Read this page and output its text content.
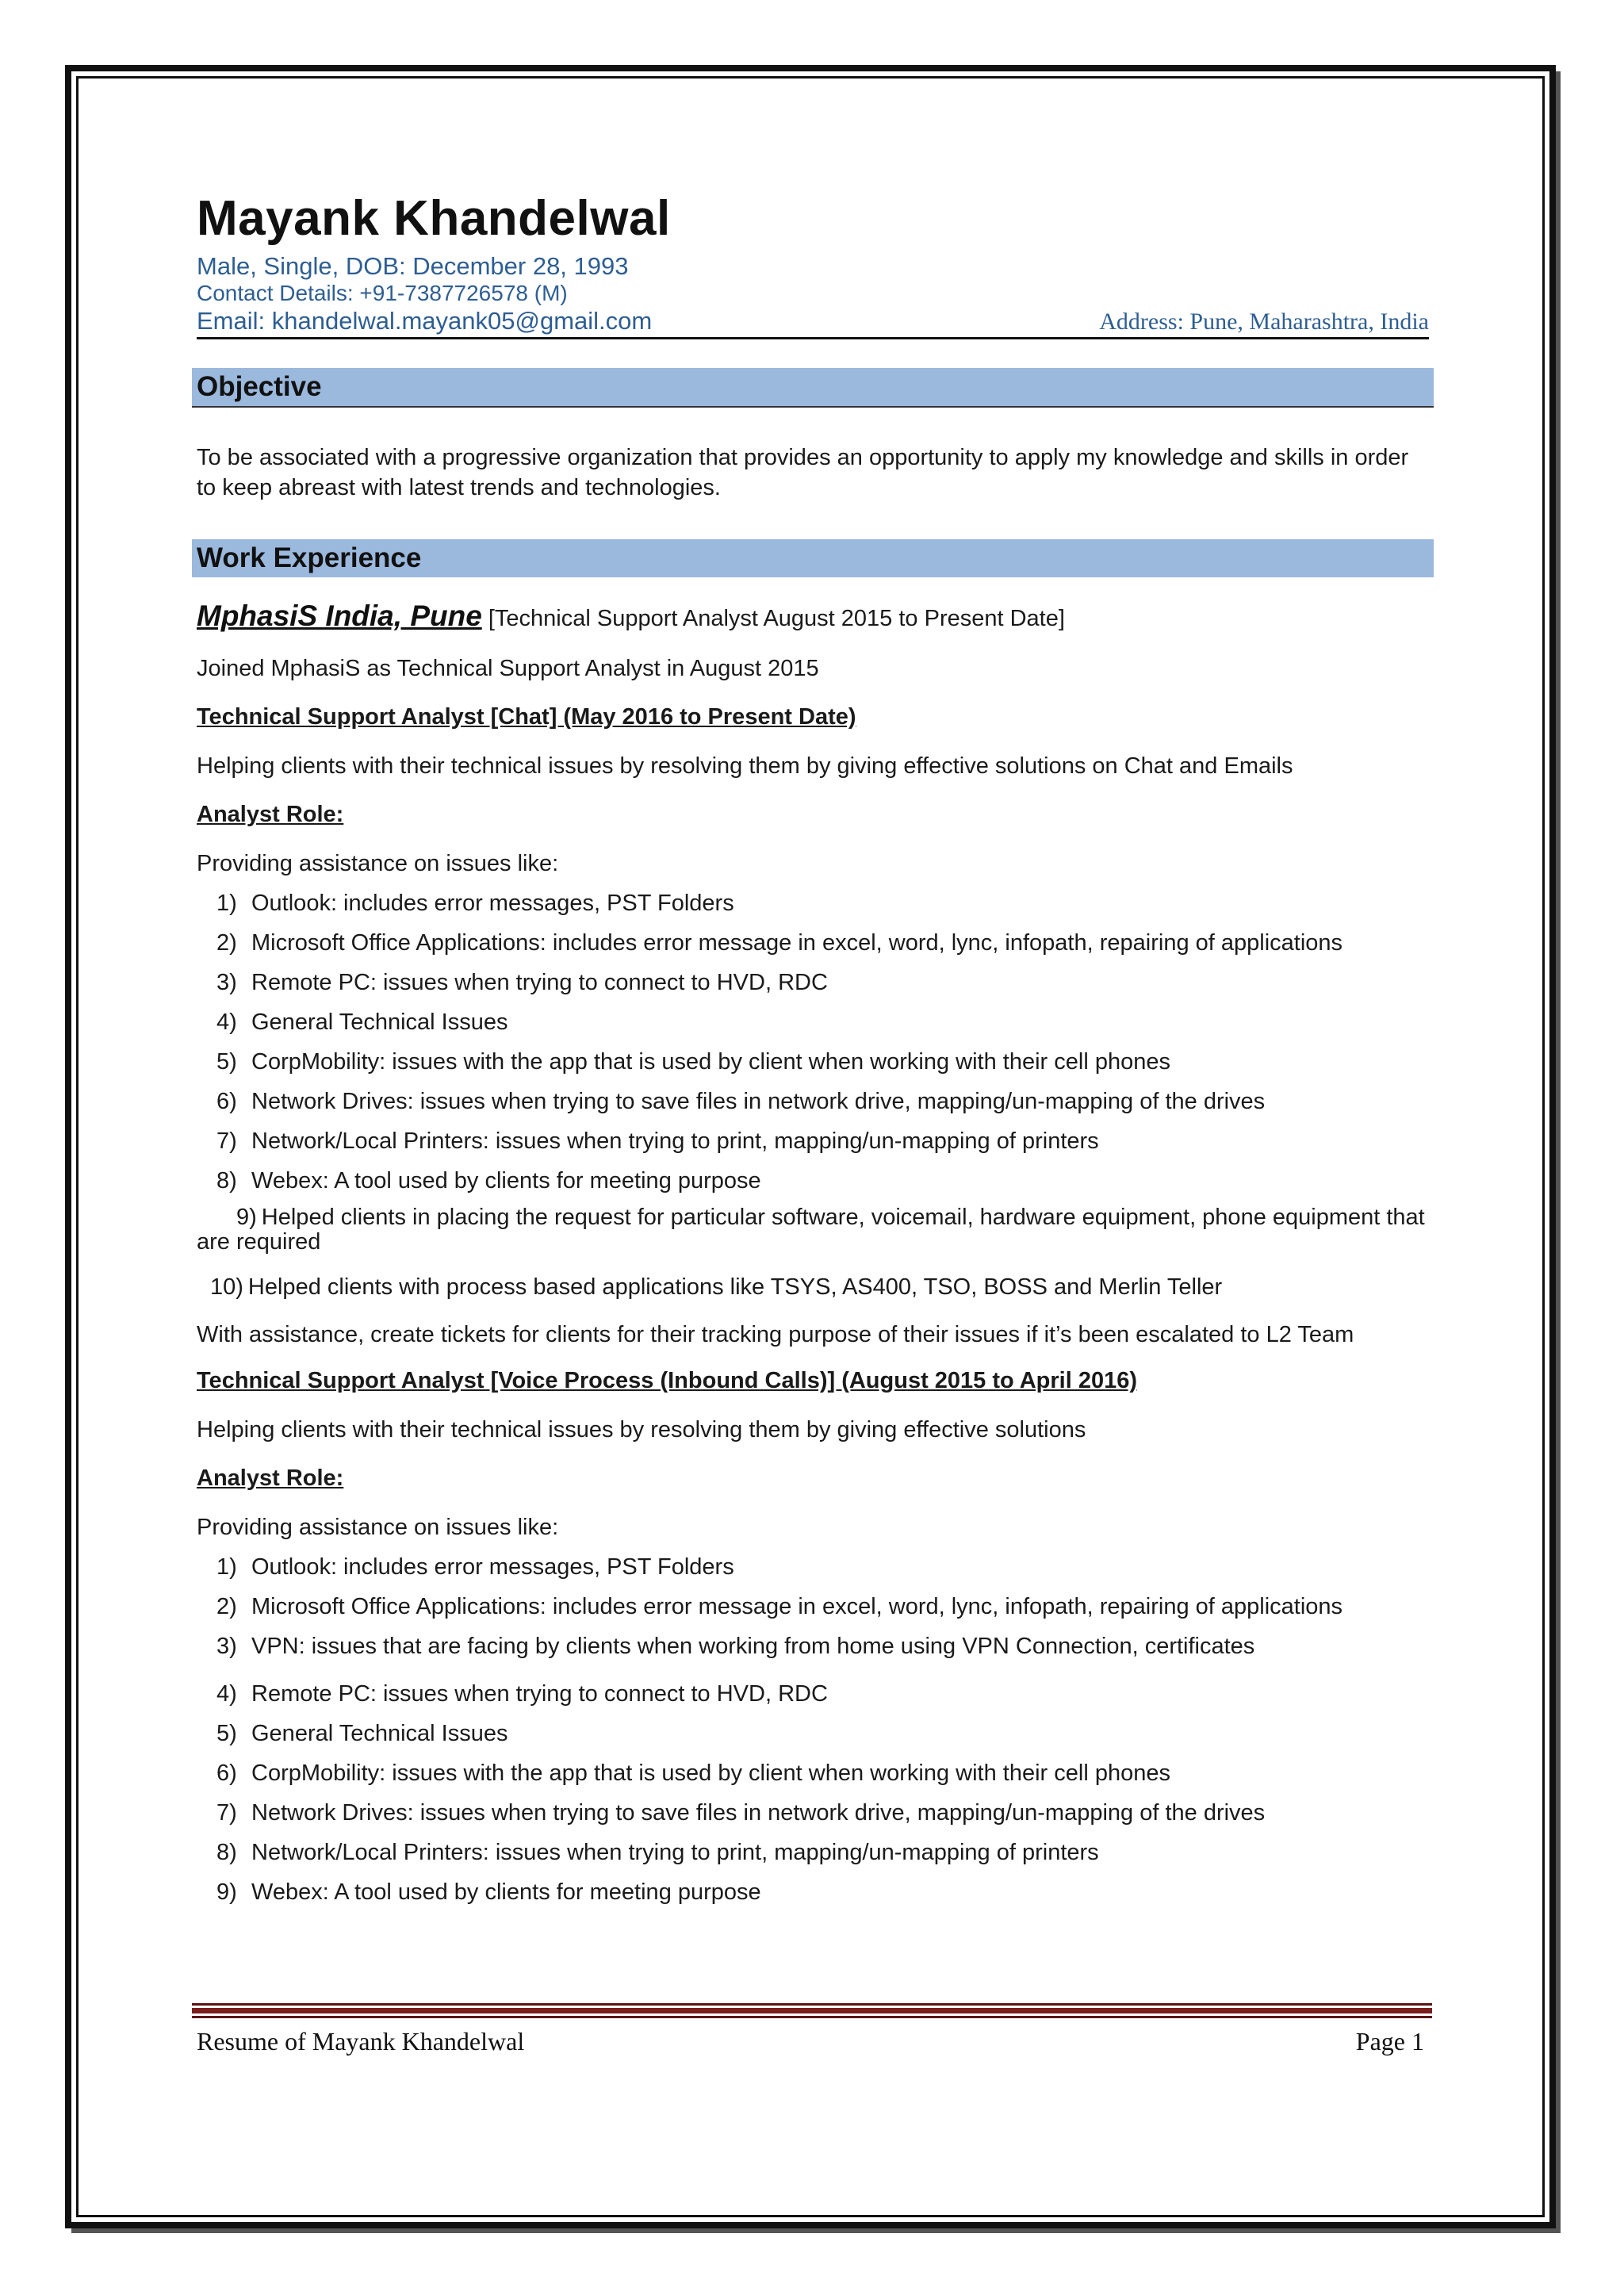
Mayank Khandelwal
Male, Single, DOB: December 28, 1993
Contact Details: +91-7387726578 (M)
Email: khandelwal.mayank05@gmail.com	Address: Pune, Maharashtra, India
Objective

To be associated with a progressive organization that provides an opportunity to apply my knowledge and skills in order to keep abreast with latest trends and technologies.

Work Experience
MphasiS India, Pune [Technical Support Analyst August 2015 to Present Date]

Joined MphasiS as Technical Support Analyst in August 2015

Technical Support Analyst [Chat] (May 2016 to Present Date)

Helping clients with their technical issues by resolving them by giving effective solutions on Chat and Emails

Analyst Role:

Providing assistance on issues like:

1) Outlook: includes error messages, PST Folders
2) Microsoft Office Applications: includes error message in excel, word, lync, infopath, repairing of applications
3) Remote PC: issues when trying to connect to HVD, RDC
4) General Technical Issues
5) CorpMobility: issues with the app that is used by client when working with their cell phones
6) Network Drives: issues when trying to save files in network drive, mapping/un-mapping of the drives
7) Network/Local Printers: issues when trying to print, mapping/un-mapping of printers
8) Webex: A tool used by clients for meeting purpose
9) Helped clients in placing the request for particular software, voicemail, hardware equipment, phone equipment that are required
10) Helped clients with process based applications like TSYS, AS400, TSO, BOSS and Merlin Teller

With assistance, create tickets for clients for their tracking purpose of their issues if it’s been escalated to L2 Team

Technical Support Analyst [Voice Process (Inbound Calls)] (August 2015 to April 2016)

Helping clients with their technical issues by resolving them by giving effective solutions

Analyst Role:

Providing assistance on issues like:

1) Outlook: includes error messages, PST Folders
2) Microsoft Office Applications: includes error message in excel, word, lync, infopath, repairing of applications
3) VPN: issues that are facing by clients when working from home using VPN Connection, certificates
4) Remote PC: issues when trying to connect to HVD, RDC
5) General Technical Issues
6) CorpMobility: issues with the app that is used by client when working with their cell phones
7) Network Drives: issues when trying to save files in network drive, mapping/un-mapping of the drives
8) Network/Local Printers: issues when trying to print, mapping/un-mapping of printers
9) Webex: A tool used by clients for meeting purpose
Resume of Mayank Khandelwal	Page 1
